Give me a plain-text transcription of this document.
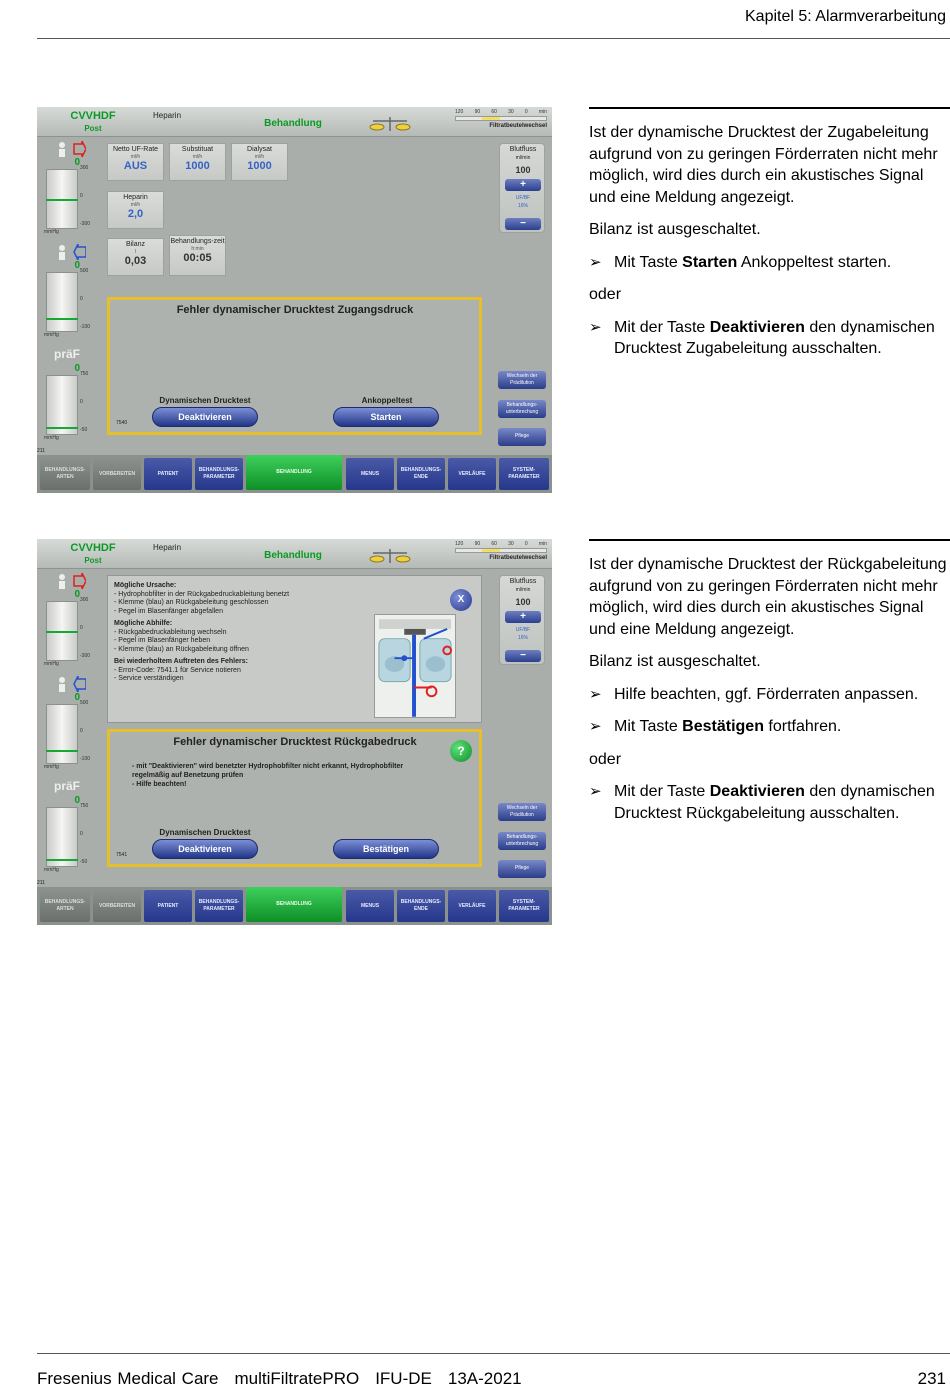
Kapitel 5: Alarmverarbeitung
CVVHDF
Post
Heparin
Behandlung
120 90 60 30 0 min
Filtratbeutelwechsel
0 300
0
-300
mmHg
0 500
0
-100
mmHg
präF
0 750
0
-50
mmHg
Netto UF-Rate
ml/h
AUS
Substituat
ml/h
1000
Dialysat
ml/h
1000
Heparin
ml/h
2,0
Bilanz
l
0,03
Behandlungs-zeit
h:min
00:05
Blutfluss
ml/min
100
+
UF/BF
16%
−
Wechseln der Prädilution
Behandlungs-unterbrechung
Pflege
Fehler dynamischer Drucktest Zugangsdruck
Dynamischen Drucktest
Deaktivieren
Ankoppeltest
Starten
7540
211
BEHANDLUNGS-ARTEN
VORBEREITEN	PATIENT
BEHANDLUNGS-PARAMETER
BEHANDLUNG	MENUS
BEHANDLUNGS-ENDE
VERLÄUFE
SYSTEM-PARAMETER

Ist der dynamische Drucktest der Zugabeleitung aufgrund von zu geringen Förderraten nicht mehr möglich, wird dies durch ein akustisches Signal und eine Meldung angezeigt.

Bilanz ist ausgeschaltet.

➢ Mit Taste Starten Ankoppeltest starten.

oder

➢ Mit der Taste Deaktivieren den dynamischen Drucktest Zugabeleitung ausschalten.
CVVHDF
Post
Heparin
Behandlung
120 90 60 30 0 min
Filtratbeutelwechsel
0 300
0
-300
mmHg
0 500
0
-100
mmHg
präF
0 750
0
-50
mmHg
Mögliche Ursache:
- Hydrophobfilter in der Rückgabedruckableitung benetzt
- Klemme (blau) an Rückgabeleitung geschlossen
- Pegel im Blasenfänger abgefallen
Mögliche Abhilfe:
- Rückgabedruckableitung wechseln
- Pegel im Blasenfänger heben
- Klemme (blau) an Rückgabeleitung öffnen
Bei wiederholtem Auftreten des Fehlers:
- Error-Code: 7541.1 für Service notieren
- Service verständigen
X
Blutfluss
ml/min
100
+
UF/BF
16%
−
Wechseln der Prädilution
Behandlungs-unterbrechung
Pflege
Fehler dynamischer Drucktest Rückgabedruck
?
- mit "Deaktivieren" wird benetzter Hydrophobfilter nicht erkannt, Hydrophobfilter
regelmäßig auf Benetzung prüfen
- Hilfe beachten!
Dynamischen Drucktest
Deaktivieren	Bestätigen
7541
211
BEHANDLUNGS-ARTEN
VORBEREITEN	PATIENT
BEHANDLUNGS-PARAMETER
BEHANDLUNG	MENUS
BEHANDLUNGS-ENDE
VERLÄUFE
SYSTEM-PARAMETER

Ist der dynamische Drucktest der Rückgabeleitung aufgrund von zu geringen Förderraten nicht mehr möglich, wird dies durch ein akustisches Signal und eine Meldung angezeigt.

Bilanz ist ausgeschaltet.

➢ Hilfe beachten, ggf. Förderraten anpassen.
➢ Mit Taste Bestätigen fortfahren.

oder

➢ Mit der Taste Deaktivieren den dynamischen Drucktest Rückgabeleitung ausschalten.
Fresenius Medical Care multiFiltratePRO IFU-DE 13A-2021	231
